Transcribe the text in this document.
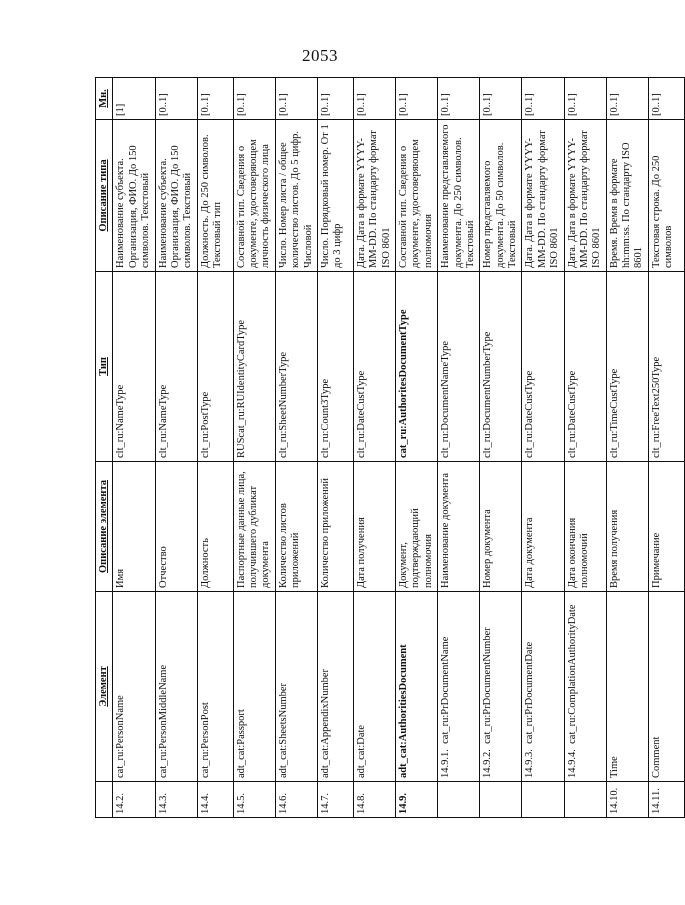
2053
	Элемент	Описание элемента	Тип	Описание типа	Мн.
14.2.	cat_ru:PersonName	Имя	clt_ru:NameType	Наименование субъекта. Организация, ФИО. До 150 символов. Текстовый	[1]
14.3.	cat_ru:PersonMiddleName	Отчество	clt_ru:NameType	Наименование субъекта. Организация, ФИО. До 150 символов. Текстовый	[0..1]
14.4.	cat_ru:PersonPost	Должность	clt_ru:PostType	Должность. До 250 символов. Текстовый тип	[0..1]
14.5.	adt_cat:Passport	Паспортные данные лица, получившего дубликат документа	RUScat_ru:RUIdentityCardType	Составной тип. Сведения о документе, удостоверяющем личность физического лица	[0..1]
14.6.	adt_cat:SheetsNumber	Количество листов приложений	clt_ru:SheetNumberType	Число. Номер листа / общее количество листов. До 5 цифр. Числовой	[0..1]
14.7.	adt_cat:AppendixNumber	Количество приложений	clt_ru:Count3Type	Число. Порядковый номер. От 1 до 3 цифр	[0..1]
14.8.	adt_cat:Date	Дата получения	clt_ru:DateCustType	Дата. Дата в формате YYYY-MM-DD. По стандарту формат ISO 8601	[0..1]
14.9.	adt_cat:AuthoritiesDocument	Документ, подтверждающий полномочия	cat_ru:AuthoritesDocumentType	Составной тип. Сведения о документе, удостоверяющем полномочия	[0..1]
	14.9.1.  cat_ru:PrDocumentName	Наименование документа	clt_ru:DocumentNameType	Наименование представляемого документа. До 250 символов. Текстовый	[0..1]
	14.9.2.  cat_ru:PrDocumentNumber	Номер документа	clt_ru:DocumentNumberType	Номер представляемого документа. До 50 символов. Текстовый	[0..1]
	14.9.3.  cat_ru:PrDocumentDate	Дата документа	clt_ru:DateCustType	Дата. Дата в формате YYYY-MM-DD. По стандарту формат ISO 8601	[0..1]
	14.9.4.  cat_ru:ComplationAuthorityDate	Дата окончания полномочий	clt_ru:DateCustType	Дата. Дата в формате YYYY-MM-DD. По стандарту формат ISO 8601	[0..1]
14.10.	Time	Время получения	clt_ru:TimeCustType	Время. Время в формате hh:mm:ss. По стандарту ISO 8601	[0..1]
14.11.	Comment	Примечание	clt_ru:FreeText250Type	Текстовая строка. До 250 символов	[0..1]
